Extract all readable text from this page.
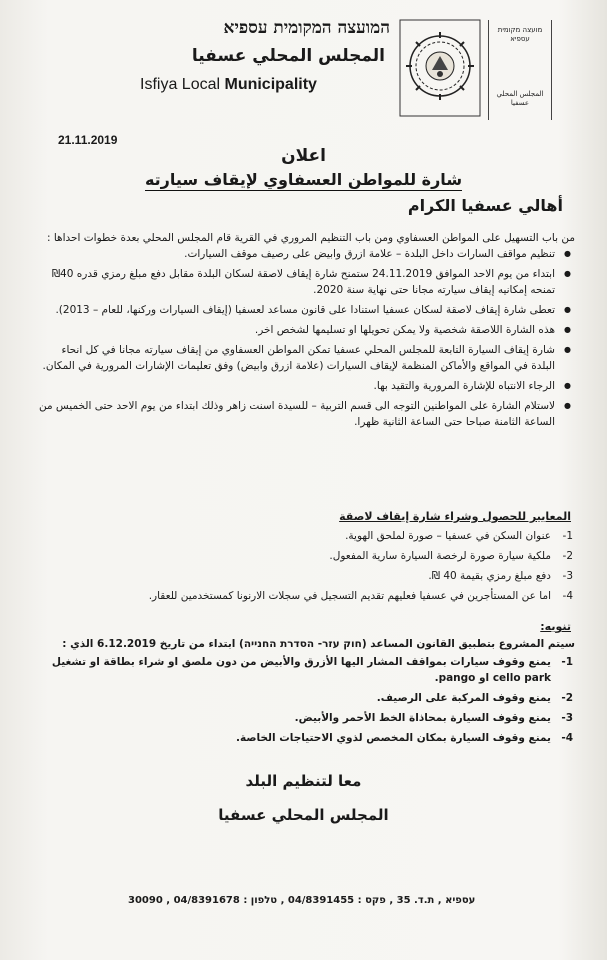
המועצה המקומית עספיא
المجلس المحلي عسفيا
Isfiya Local Municipality
מועצה מקומית עספיא
المجلس المحلي عسفيا
21.11.2019
اعلان
شارة للمواطن العسفاوي لإيقاف سيارته
أهالي عسفيا الكرام
من باب التسهيل على المواطن العسفاوي ومن باب التنظيم المروري في القرية قام المجلس المحلي بعدة خطوات احداها :
● تنظيم مواقف السارات داخل البلدة – علامة ازرق وابيض على رصيف موقف السيارات.
● ابتداء من يوم الاحد الموافق 24.11.2019 ستمنح شارة إيقاف لاصقة لسكان البلدة مقابل دفع مبلغ رمزي قدره 40₪ تمنحه إمكانيه إيقاف سيارته مجانا حتى نهاية سنة 2020.
● تعطى شارة إيقاف لاصقة لسكان عسفيا استنادا على قانون مساعد لعسفيا (إيقاف السيارات وركنها، للعام – 2013).
● هذه الشارة اللاصقة شخصية ولا يمكن تحويلها او تسليمها لشخص اخر.
● شارة إيقاف السيارة التابعة للمجلس المحلي عسفيا تمكن المواطن العسفاوي من إيقاف سيارته مجانا في كل انحاء البلدة في المواقع والأماكن المنظمة لإيقاف السيارات (علامة ازرق وابيض) وفق تعليمات الإشارات المرورية في المكان.
● الرجاء الانتباه للإشارة المرورية والتقيد بها.
● لاستلام الشارة على المواطنين التوجه الى قسم التربية – للسيدة اسنت زاهر وذلك ابتداء من يوم الاحد حتى الخميس من الساعة الثامنة صباحا حتى الساعة الثانية ظهرا.
المعايير للحصول وشراء شارة إيقاف لاصقة
1-
عنوان السكن في عسفيا – صورة لملحق الهوية.
2-
ملكية سيارة صورة لرخصة السيارة سارية المفعول.
3-
دفع مبلغ رمزي بقيمة 40 ₪.
4-
اما عن المستأجرين في عسفيا فعليهم تقديم التسجيل في سجلات الارنونا كمستخدمين للعقار.
تنويه:
سيتم المشروع بتطبيق القانون المساعد (חוק עזר- הסדרת החנייה) ابتداء من تاريخ 6.12.2019 الذي :
1-
يمنع وقوف سيارات بمواقف المشار اليها الأزرق والأبيض من دون ملصق او شراء بطاقة او تشغيل cello park او pango.
2-
يمنع وقوف المركبة على الرصيف.
3-
يمنع وقوف السيارة بمحاذاة الخط الأحمر والأبيض.
4-
يمنع وقوف السيارة بمكان المخصص لذوي الاحتياجات الخاصة.
معا لتنظيم البلد
المجلس المحلي عسفيا
30090 , עספיא , ת.ד. 35 , פקס : 04/8391455 , טלפון : 04/8391678
